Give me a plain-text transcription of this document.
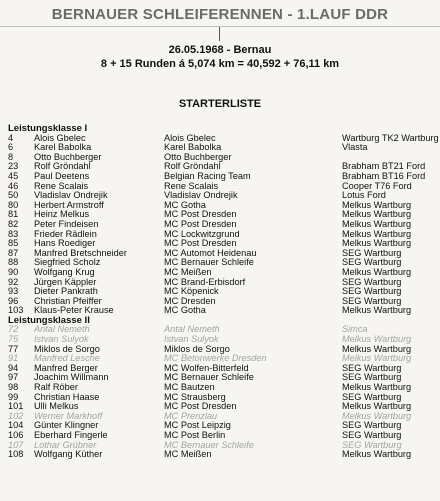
BERNAUER SCHLEIFERENNEN - 1.LAUF DDR
26.05.1968 - Bernau
8 + 15 Runden á 5,074 km = 40,592 + 76,11 km
STARTERLISTE
Leistungsklasse I
4 Alois Gbelec	Alois Gbelec	Wartburg TK2 Wartburg
6 Karel Babolka	Karel Babolka	Vlasta
8 Otto Buchberger	Otto Buchberger
23 Rolf Gröndahl	Rolf Gröndahl	Brabham BT21 Ford
45 Paul Deetens	Belgian Racing Team	Brabham BT16 Ford
46 Rene Scalais	Rene Scalais	Cooper T76 Ford
50 Vladislav Ondrejik	Vladislav Ondrejik	Lotus Ford
80 Herbert Armstroff	MC Gotha	Melkus Wartburg
81 Heinz Melkus	MC Post Dresden	Melkus Wartburg
82 Peter Findeisen	MC Post Dresden	Melkus Wartburg
83 Frieder Rädlein	MC Lockwitzgrund	Melkus Wartburg
85 Hans Roediger	MC Post Dresden	Melkus Wartburg
87 Manfred Bretschneider	MC Automot Heidenau	SEG Wartburg
88 Siegfried Scholz	MC Bernauer Schleife	SEG Wartburg
90 Wolfgang Krug	MC Meißen	Melkus Wartburg
92 Jürgen Käppler	MC Brand-Erbisdorf	SEG Wartburg
93 Dieter Pankrath	MC Köpenick	SEG Wartburg
96 Christian Pfeiffer	MC Dresden	SEG Wartburg
103 Klaus-Peter Krause	MC Gotha	Melkus Wartburg
Leistungsklasse II
72 Antal Nemeth	Antal Nemeth	Simca
75 Istvan Sulyok	Istvan Sulyok	Melkus Wartburg
77 Miklos de Sorgo	Miklos de Sorgo	Melkus Wartburg
91 Manfred Lesche	MC Betonwerke Dresden	Melkus Wartburg
94 Manfred Berger	MC Wolfen-Bitterfeld	SEG Wartburg
97 Joachim Willmann	MC Bernauer Schleife	SEG Wartburg
98 Ralf Röber	MC Bautzen	Melkus Wartburg
99 Christian Haase	MC Strausberg	SEG Wartburg
101 Ulli Melkus	MC Post Dresden	Melkus Wartburg
102 Werner Markhoff	MC Prenzlau	Melkus Wartburg
104 Günter Klingner	MC Post Leipzig	SEG Wartburg
106 Eberhard Fingerle	MC Post Berlin	SEG Wartburg
107 Lothar Grübner	MC Bernauer Schleife	SEG Wartburg
108 Wolfgang Küther	MC Meißen	Melkus Wartburg
